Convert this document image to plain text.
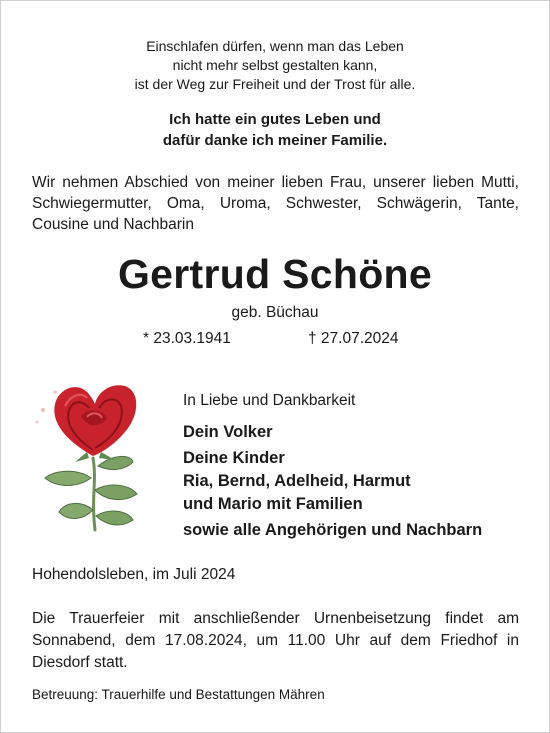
Einschlafen dürfen, wenn man das Leben
nicht mehr selbst gestalten kann,
ist der Weg zur Freiheit und der Trost für alle.
Ich hatte ein gutes Leben und
dafür danke ich meiner Familie.
Wir nehmen Abschied von meiner lieben Frau, unserer lieben Mutti, Schwiegermutter, Oma, Uroma, Schwester, Schwägerin, Tante, Cousine und Nachbarin
Gertrud Schöne
geb. Büchau
* 23.03.1941	† 27.07.2024
In Liebe und Dankbarkeit
Dein Volker
Deine Kinder
Ria, Bernd, Adelheid, Harmut
und Mario mit Familien
sowie alle Angehörigen und Nachbarn
Hohendolsleben, im Juli 2024
Die Trauerfeier mit anschließender Urnenbeisetzung findet am Sonnabend, dem 17.08.2024, um 11.00 Uhr auf dem Friedhof in Diesdorf statt.
Betreuung: Trauerhilfe und Bestattungen Mähren
